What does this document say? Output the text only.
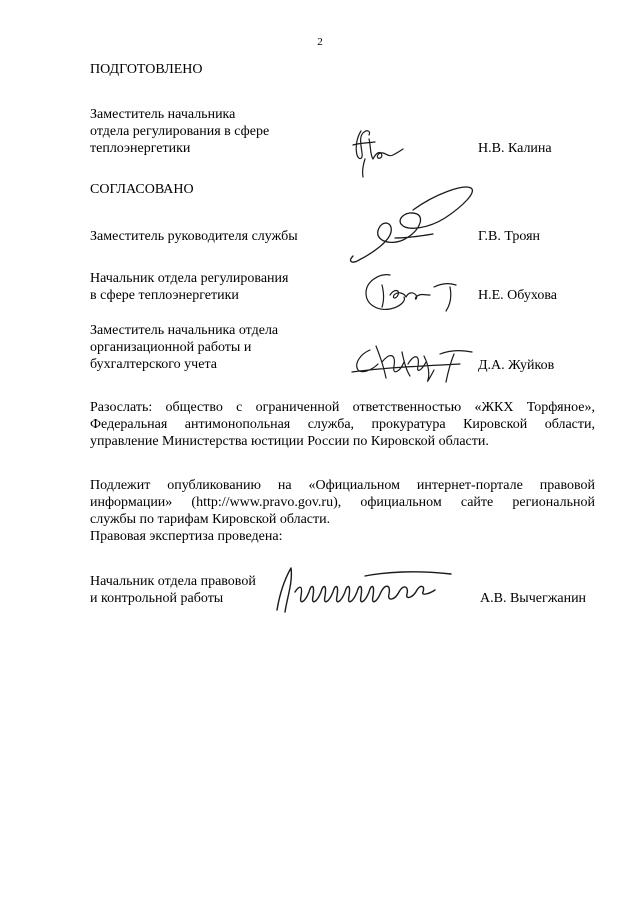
2
ПОДГОТОВЛЕНО
Заместитель начальника
отдела регулирования в сфере
теплоэнергетики	Н.В. Калина
СОГЛАСОВАНО
Заместитель руководителя службы	Г.В. Троян
Начальник отдела регулирования
в сфере теплоэнергетики	Н.Е. Обухова
Заместитель начальника отдела
организационной работы и
бухгалтерского учета	Д.А. Жуйков
Разослать: общество с ограниченной ответственностью «ЖКХ Торфяное»,
Федеральная антимонопольная служба, прокуратура Кировской области,
управление Министерства юстиции России по Кировской области.
Подлежит опубликованию на «Официальном интернет-портале правовой
информации» (http://www.pravo.gov.ru), официальном сайте региональной
службы по тарифам Кировской области.
Правовая экспертиза проведена:
Начальник отдела правовой
и контрольной работы	А.В. Вычегжанин
